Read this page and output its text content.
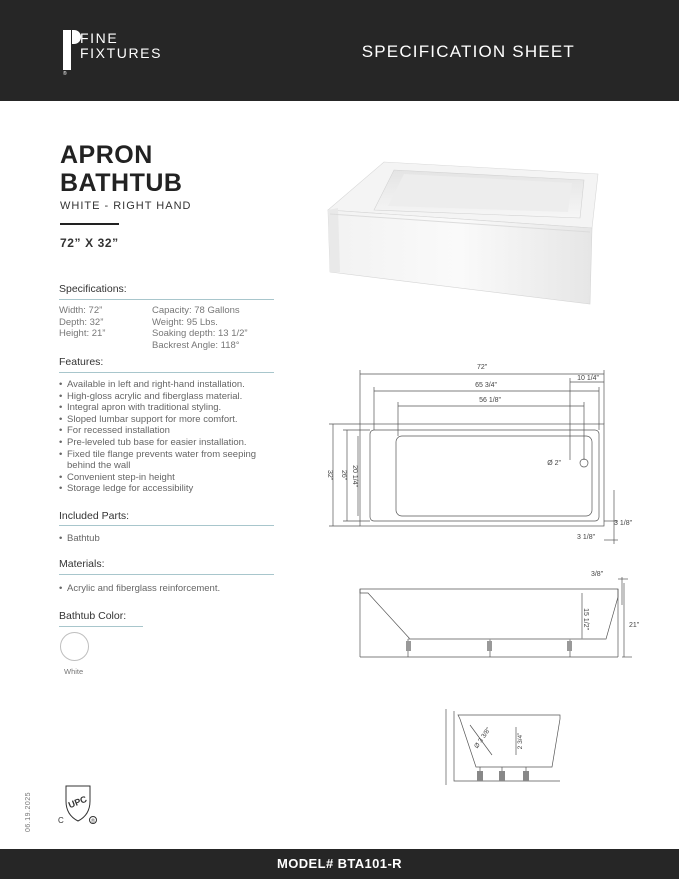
®
FINE
FIXTURES	SPECIFICATION SHEET
APRON
BATHTUB
WHITE - RIGHT HAND
72” X 32”
Specifications:
Width: 72”
Depth: 32”
Height: 21”
Capacity: 78 Gallons
Weight: 95 Lbs.
Soaking depth: 13 1/2”
Backrest Angle: 118°
Features:
• Available in left and right-hand installation.
• High-gloss acrylic and fiberglass material.
• Integral apron with traditional styling.
• Sloped lumbar support for more comfort.
• For recessed installation
• Pre-leveled tub base for easier installation.
• Fixed tile flange prevents water from seeping behind the wall
• Convenient step-in height
• Storage ledge for accessibility
Included Parts:
• Bathtub
Materials:
• Acrylic and fiberglass reinforcement.
Bathtub Color:
White
72”
65 3/4”
56 1/8”
10 1/4”
Ø 2”
3 1/8”
3 1/8”
32” 26” 20 1/4”
3/8”
15 1/2”	21”
Ø 3 3/8”	2 3/4”
06.19.2025	UPC
C	®
MODEL# BTA101-R
